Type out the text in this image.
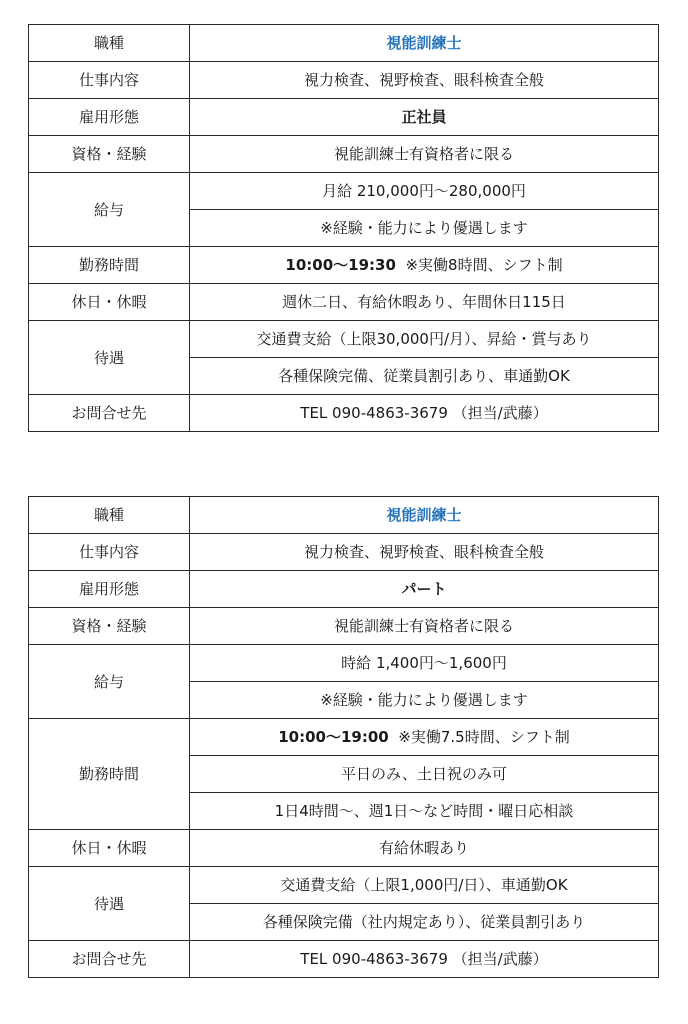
職種	視能訓練士
仕事内容	視力検査、視野検査、眼科検査全般
雇用形態	正社員
資格・経験	視能訓練士有資格者に限る
給与	月給 210,000円～280,000円
	※経験・能力により優遇します
勤務時間	10:00～19:30 ※実働8時間、シフト制
休日・休暇	週休二日、有給休暇あり、年間休日115日
待遇	交通費支給（上限30,000円/月）、昇給・賞与あり
	各種保険完備、従業員割引あり、車通勤OK
お問合せ先	TEL 090-4863-3679 （担当/武藤）
職種	視能訓練士
仕事内容	視力検査、視野検査、眼科検査全般
雇用形態	パート
資格・経験	視能訓練士有資格者に限る
給与	時給 1,400円～1,600円
	※経験・能力により優遇します
勤務時間	10:00～19:00 ※実働7.5時間、シフト制
	平日のみ、土日祝のみ可
	1日4時間～、週1日～など時間・曜日応相談
休日・休暇	有給休暇あり
待遇	交通費支給（上限1,000円/日）、車通勤OK
	各種保険完備（社内規定あり）、従業員割引あり
お問合せ先	TEL 090-4863-3679 （担当/武藤）
